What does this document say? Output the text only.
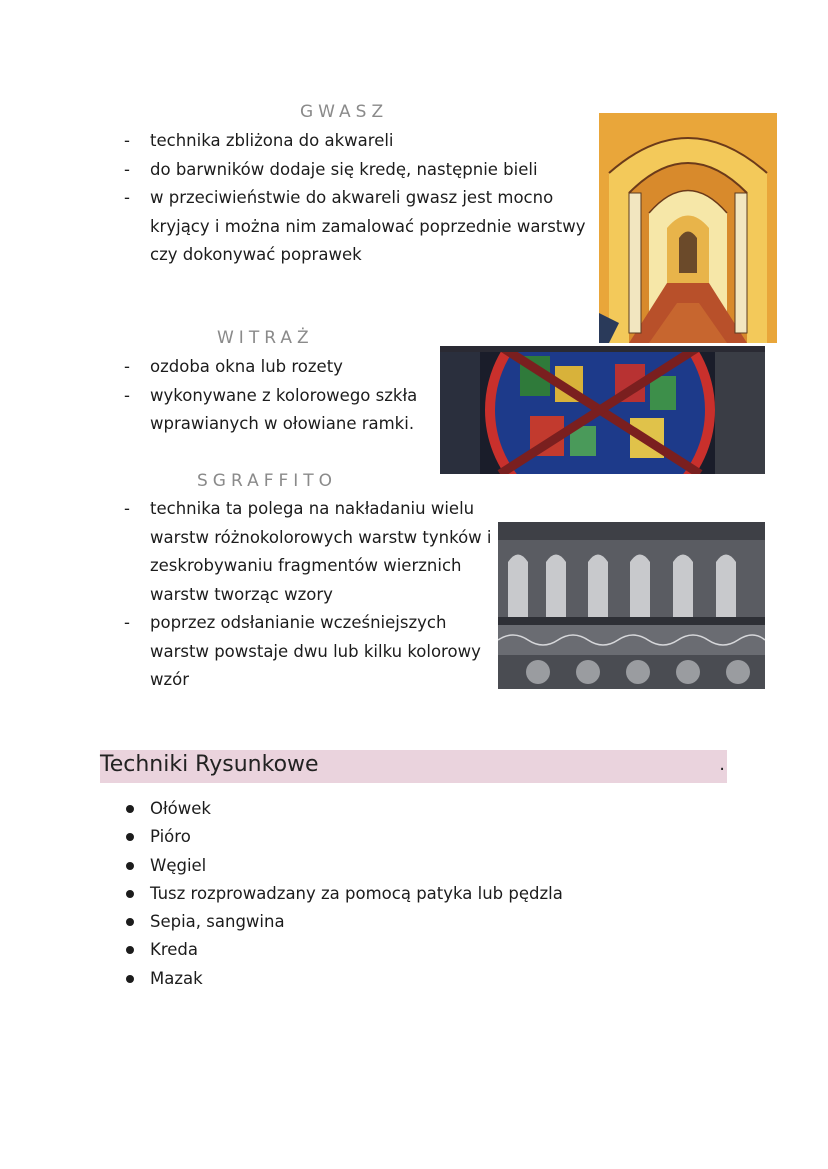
GWASZ
-	technika zbliżona do akwareli
-	do barwników dodaje się kredę, następnie bieli
-	w przeciwieństwie do akwareli gwasz jest mocno kryjący i można nim zamalować poprzednie warstwy czy dokonywać poprawek
WITRAŻ
-	ozdoba okna lub rozety
-	wykonywane z kolorowego szkła wprawianych w ołowiane ramki.
SGRAFFITO
-	technika ta polega na nakładaniu wielu warstw różnokolorowych warstw tynków i zeskrobywaniu fragmentów wierznich warstw tworząc wzory
-	poprzez odsłanianie wcześniejszych warstw powstaje dwu lub kilku kolorowy wzór
Techniki Rysunkowe	.
Ołówek
Pióro
Węgiel
Tusz rozprowadzany za pomocą patyka lub pędzla
Sepia, sangwina
Kreda
Mazak
